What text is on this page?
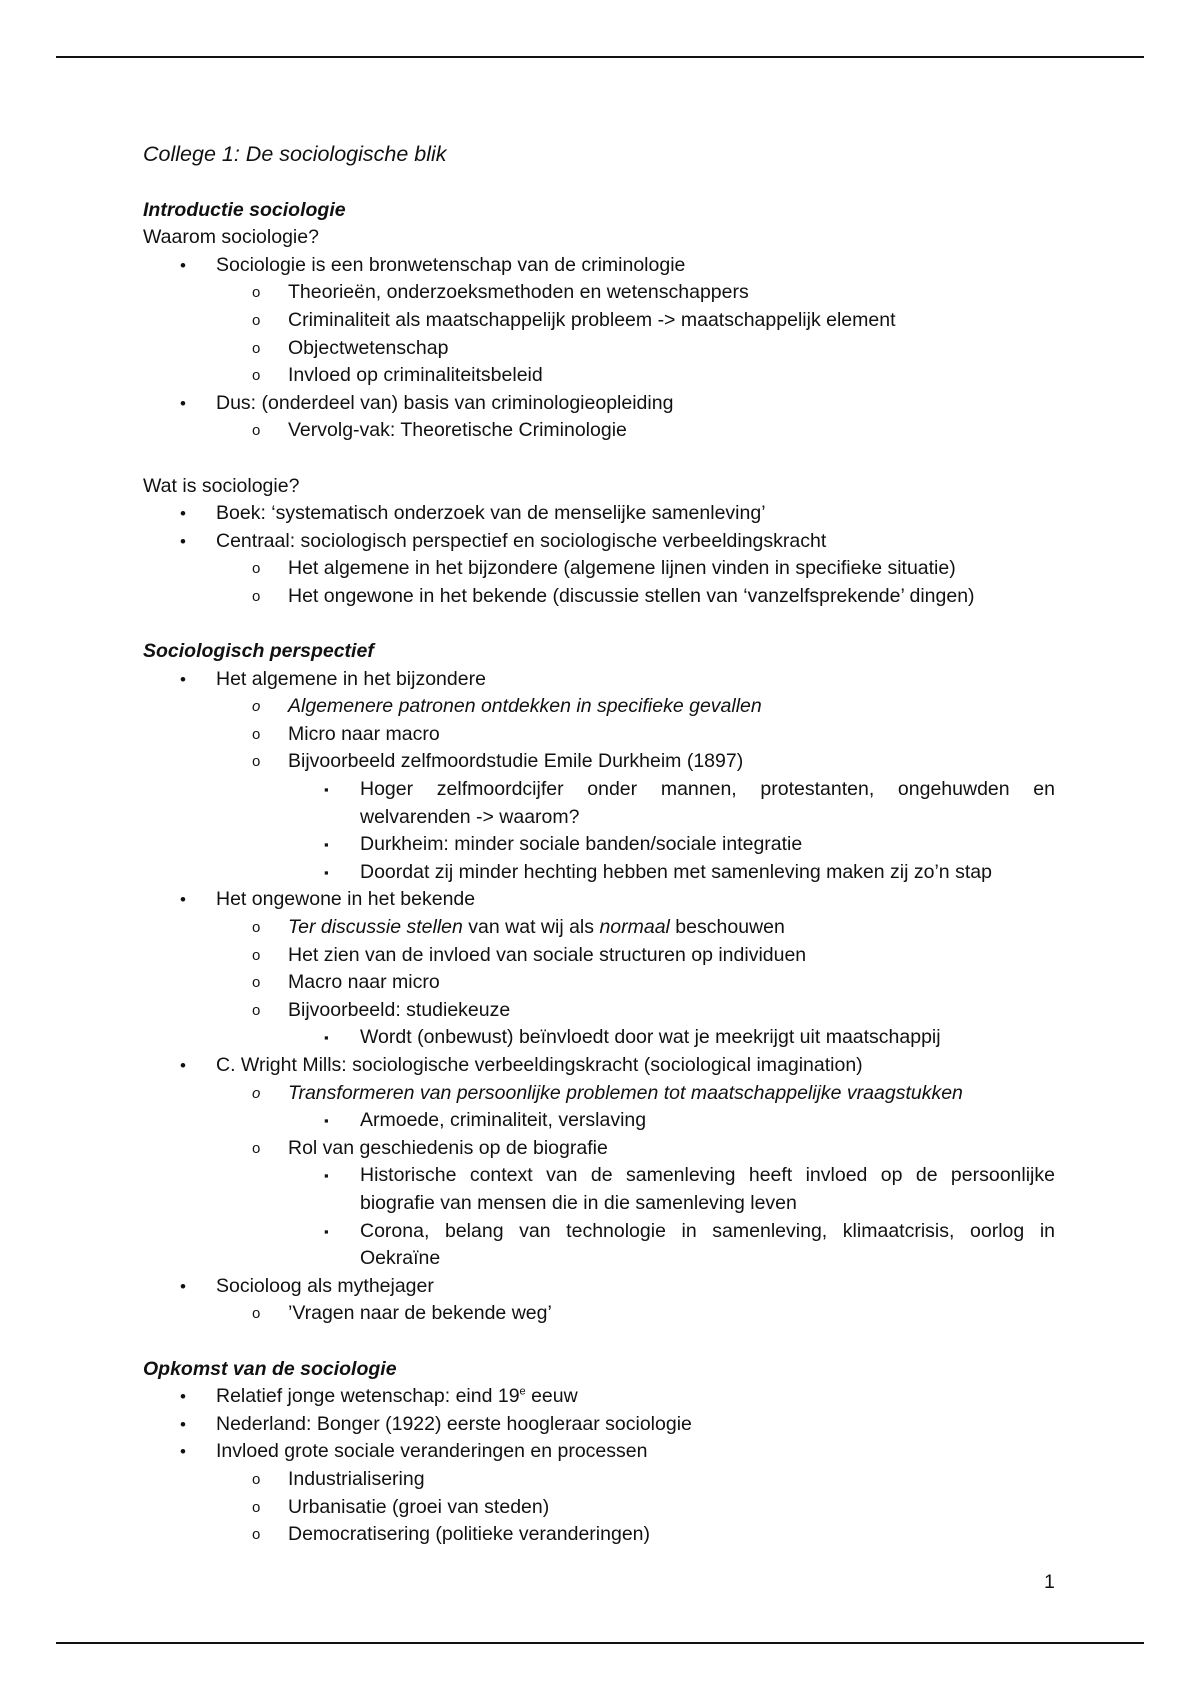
College 1: De sociologische blik
Introductie sociologie
Waarom sociologie?
• Sociologie is een bronwetenschap van de criminologie
o Theorieën, onderzoeksmethoden en wetenschappers
o Criminaliteit als maatschappelijk probleem -> maatschappelijk element
o Objectwetenschap
o Invloed op criminaliteitsbeleid
• Dus: (onderdeel van) basis van criminologieopleiding
o Vervolg-vak: Theoretische Criminologie
Wat is sociologie?
• Boek: ‘systematisch onderzoek van de menselijke samenleving’
• Centraal: sociologisch perspectief en sociologische verbeeldingskracht
o Het algemene in het bijzondere (algemene lijnen vinden in specifieke situatie)
o Het ongewone in het bekende (discussie stellen van ‘vanzelfsprekende’ dingen)
Sociologisch perspectief
• Het algemene in het bijzondere
o Algemenere patronen ontdekken in specifieke gevallen
o Micro naar macro
o Bijvoorbeeld zelfmoordstudie Emile Durkheim (1897)
▪ Hoger zelfmoordcijfer onder mannen, protestanten, ongehuwden en welvarenden -> waarom?
▪ Durkheim: minder sociale banden/sociale integratie
▪ Doordat zij minder hechting hebben met samenleving maken zij zo’n stap
• Het ongewone in het bekende
o Ter discussie stellen van wat wij als normaal beschouwen
o Het zien van de invloed van sociale structuren op individuen
o Macro naar micro
o Bijvoorbeeld: studiekeuze
▪ Wordt (onbewust) beïnvloedt door wat je meekrijgt uit maatschappij
• C. Wright Mills: sociologische verbeeldingskracht (sociological imagination)
o Transformeren van persoonlijke problemen tot maatschappelijke vraagstukken
▪ Armoede, criminaliteit, verslaving
o Rol van geschiedenis op de biografie
▪ Historische context van de samenleving heeft invloed op de persoonlijke biografie van mensen die in die samenleving leven
▪ Corona, belang van technologie in samenleving, klimaatcrisis, oorlog in Oekraïne
• Socioloog als mythejager
o ’Vragen naar de bekende weg’
Opkomst van de sociologie
• Relatief jonge wetenschap: eind 19e eeuw
• Nederland: Bonger (1922) eerste hoogleraar sociologie
• Invloed grote sociale veranderingen en processen
o Industrialisering
o Urbanisatie (groei van steden)
o Democratisering (politieke veranderingen)
1
